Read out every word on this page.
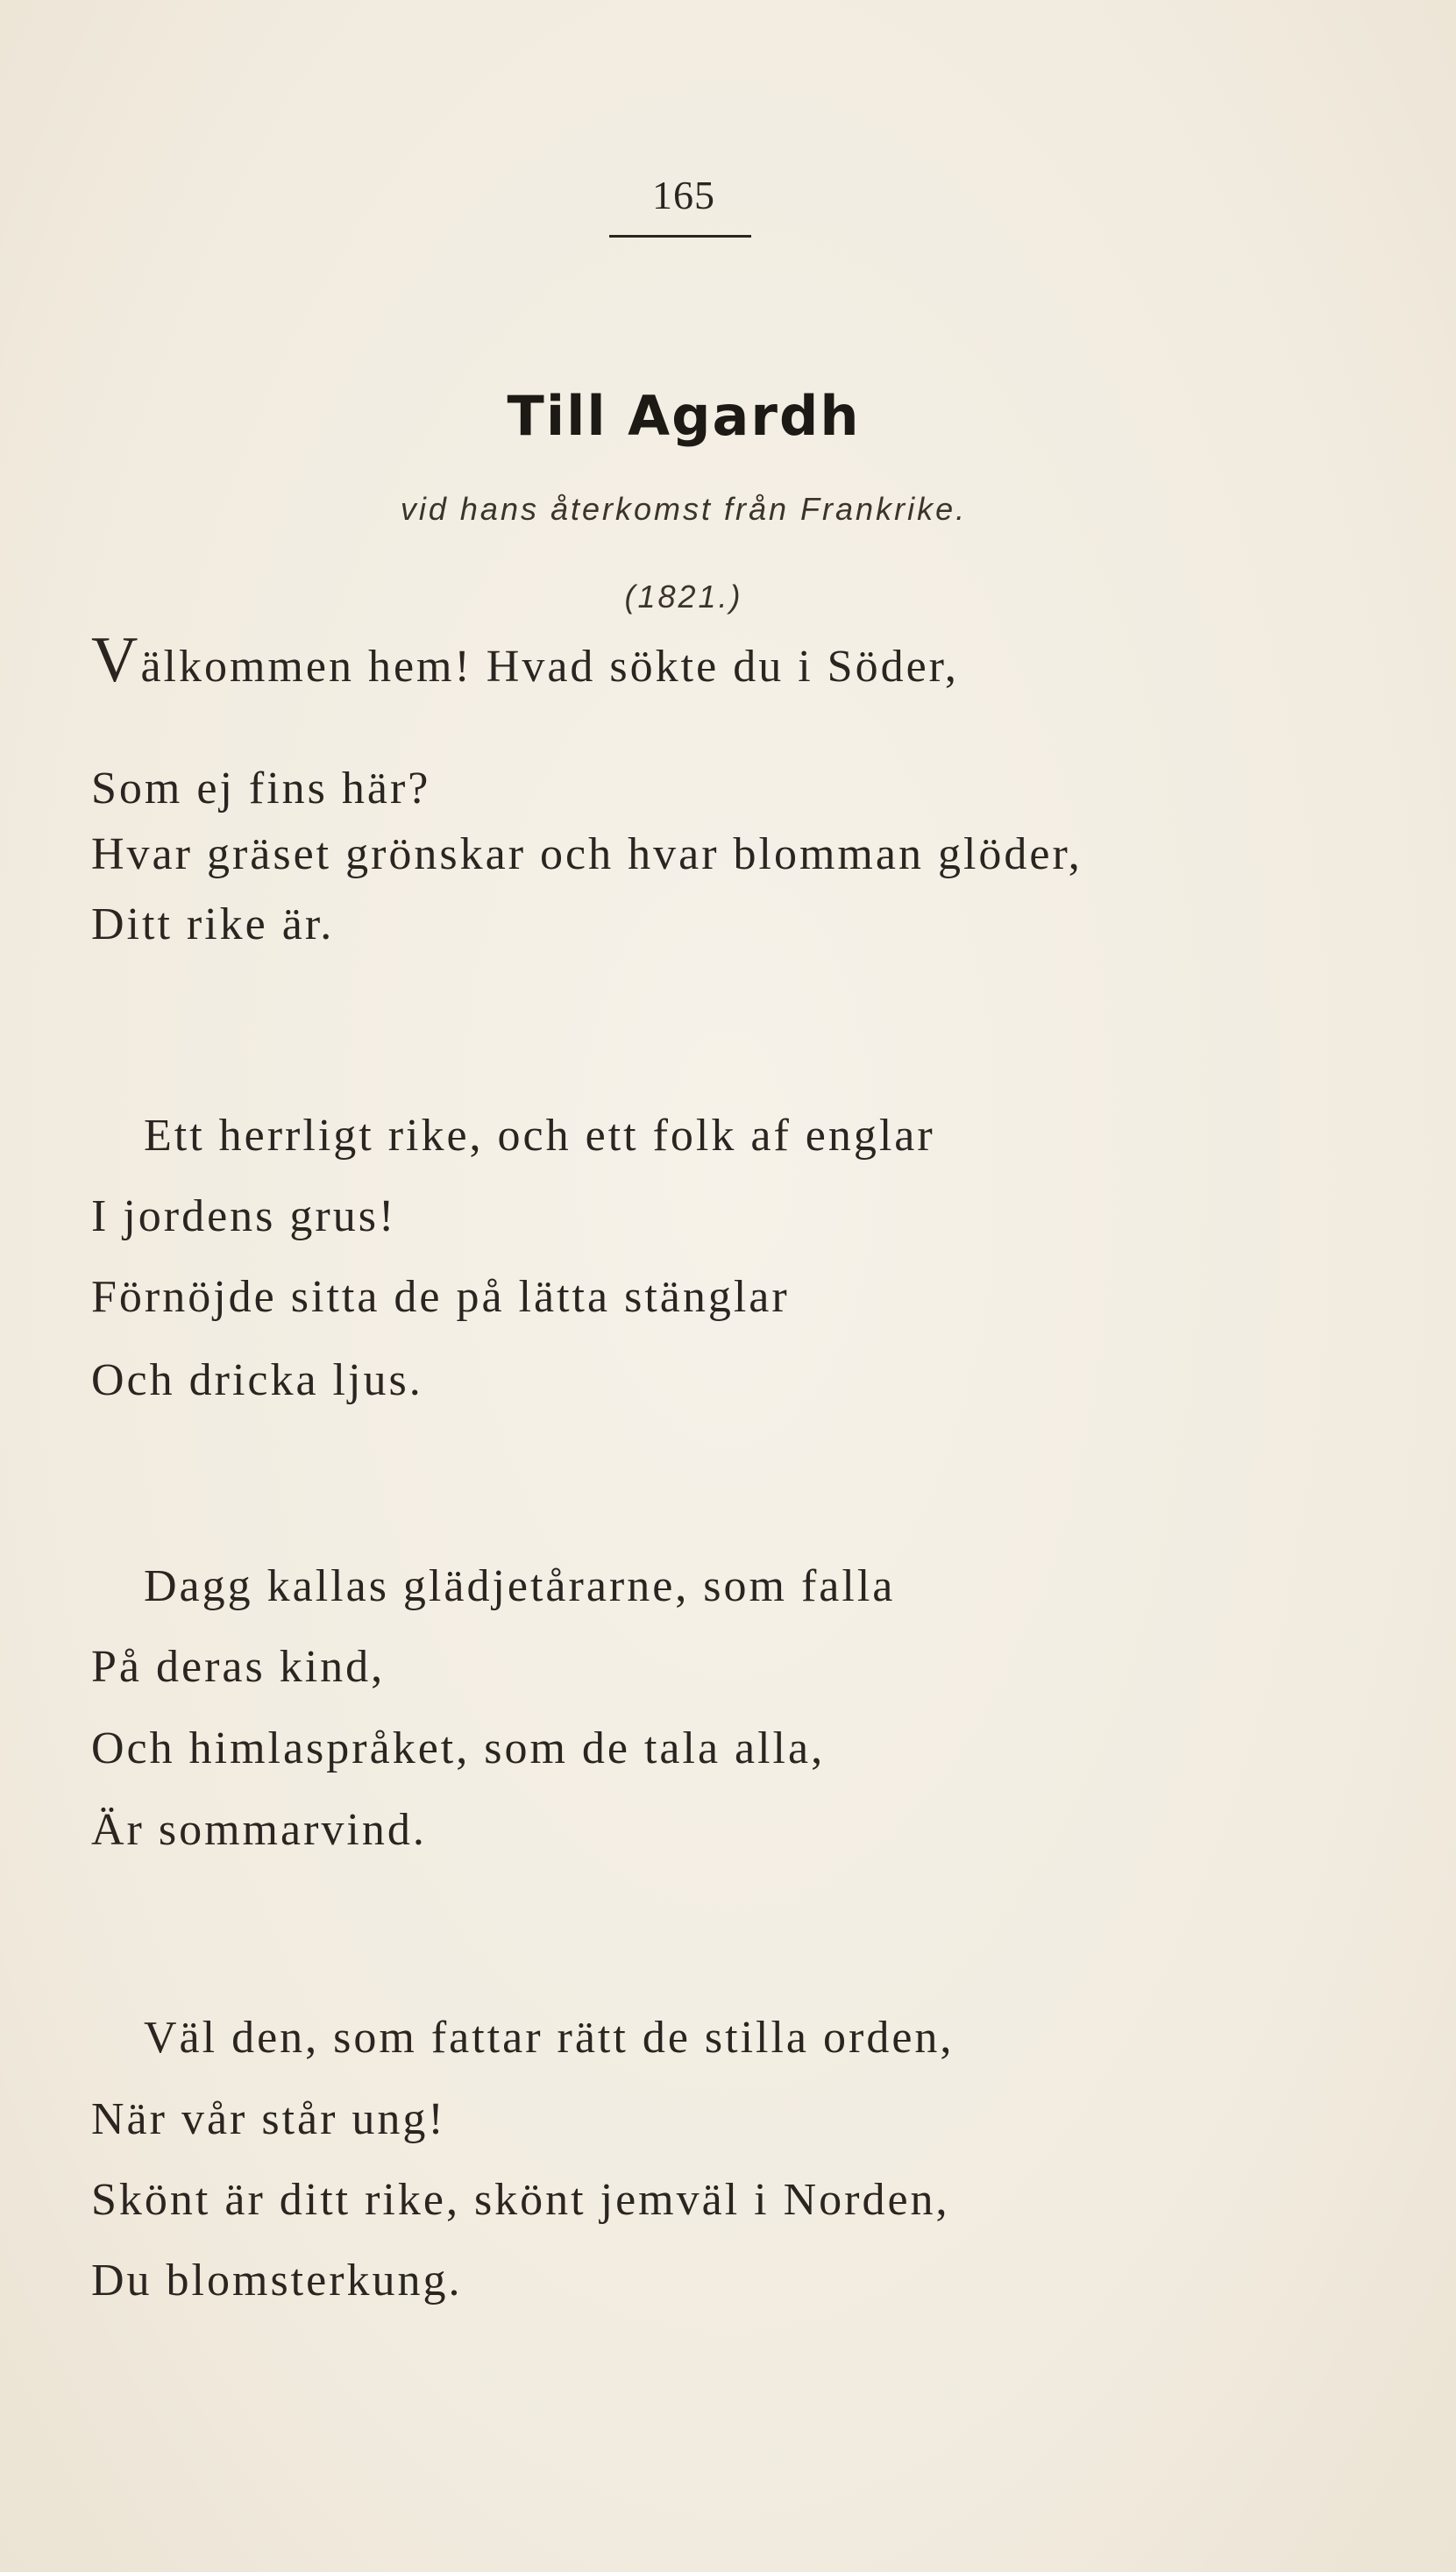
165
Till Agardh
vid hans återkomst från Frankrike.
(1821.)
Välkommen hem! Hvad sökte du i Söder,
Som ej fins här?
Hvar gräset grönskar och hvar blomman glöder,
Ditt rike är.
Ett herrligt rike, och ett folk af englar
I jordens grus!
Förnöjde sitta de på lätta stänglar
Och dricka ljus.
Dagg kallas glädjetårarne, som falla
På deras kind,
Och himlaspråket, som de tala alla,
Är sommarvind.
Väl den, som fattar rätt de stilla orden,
När vår står ung!
Skönt är ditt rike, skönt jemväl i Norden,
Du blomsterkung.
